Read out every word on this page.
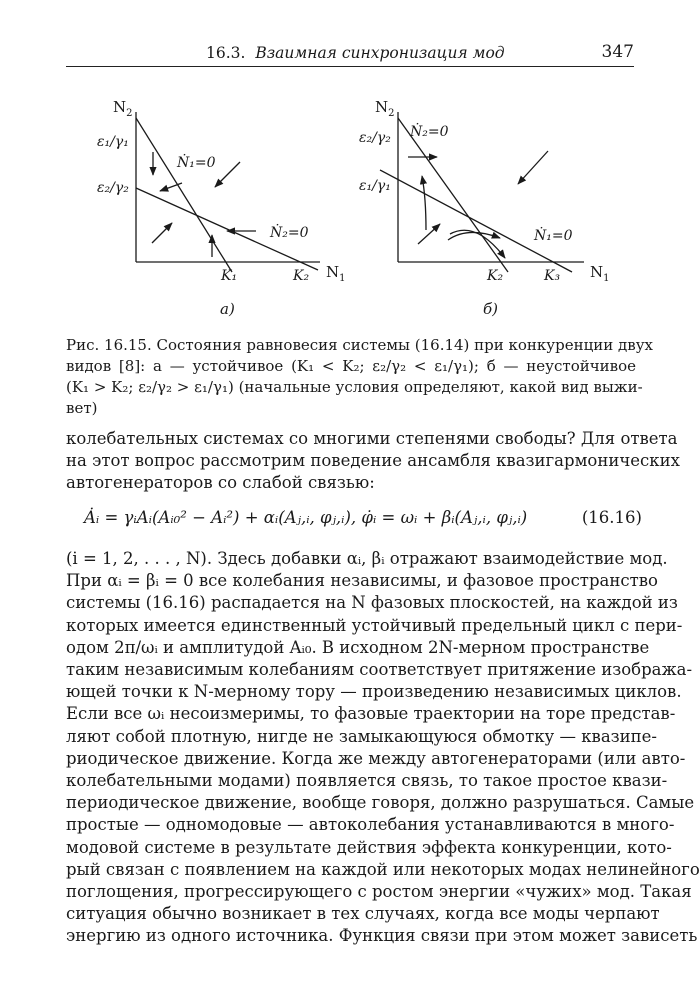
16.3. Взаимная синхронизация мод	347
$N_2$
$N_1$
ε₁/γ₁
ε₂/γ₂
K₁	K₂
Ṅ₁=0
Ṅ₂=0
а)
$N_2$
$N_1$
ε₂/γ₂
ε₁/γ₁
K₂	K₃
Ṅ₂=0
Ṅ₁=0
б)
Рис. 16.15. Состояния равновесия системы (16.14) при конкуренции двух
видов [8]: а — устойчивое (K₁ < K₂; ε₂/γ₂ < ε₁/γ₁); б — неустойчивое
(K₁ > K₂; ε₂/γ₂ > ε₁/γ₁) (начальные условия определяют, какой вид выжи-
вет)
колебательных системах со многими степенями свободы? Для ответа
на этот вопрос рассмотрим поведение ансамбля квазигармонических
автогенераторов со слабой связью:
Ȧᵢ = γᵢAᵢ(Aᵢ₀² − Aᵢ²) + αᵢ(Aⱼ,ᵢ, φⱼ,ᵢ), φ̇ᵢ = ωᵢ + βᵢ(Aⱼ,ᵢ, φⱼ,ᵢ)	(16.16)
(i = 1, 2, . . . , N). Здесь добавки αᵢ, βᵢ отражают взаимодействие мод.
При αᵢ = βᵢ = 0 все колебания независимы, и фазовое пространство
системы (16.16) распадается на N фазовых плоскостей, на каждой из
которых имеется единственный устойчивый предельный цикл с пери-
одом 2π/ωᵢ и амплитудой Aᵢ₀. В исходном 2N-мерном пространстве
таким независимым колебаниям соответствует притяжение изобража-
ющей точки к N-мерному тору — произведению независимых циклов.
Если все ωᵢ несоизмеримы, то фазовые траектории на торе представ-
ляют собой плотную, нигде не замыкающуюся обмотку — квазипе-
риодическое движение. Когда же между автогенераторами (или авто-
колебательными модами) появляется связь, то такое простое квази-
периодическое движение, вообще говоря, должно разрушаться. Самые
простые — одномодовые — автоколебания устанавливаются в много-
модовой системе в результате действия эффекта конкуренции, кото-
рый связан с появлением на каждой или некоторых модах нелинейного
поглощения, прогрессирующего с ростом энергии «чужих» мод. Такая
ситуация обычно возникает в тех случаях, когда все моды черпают
энергию из одного источника. Функция связи при этом может зависеть
